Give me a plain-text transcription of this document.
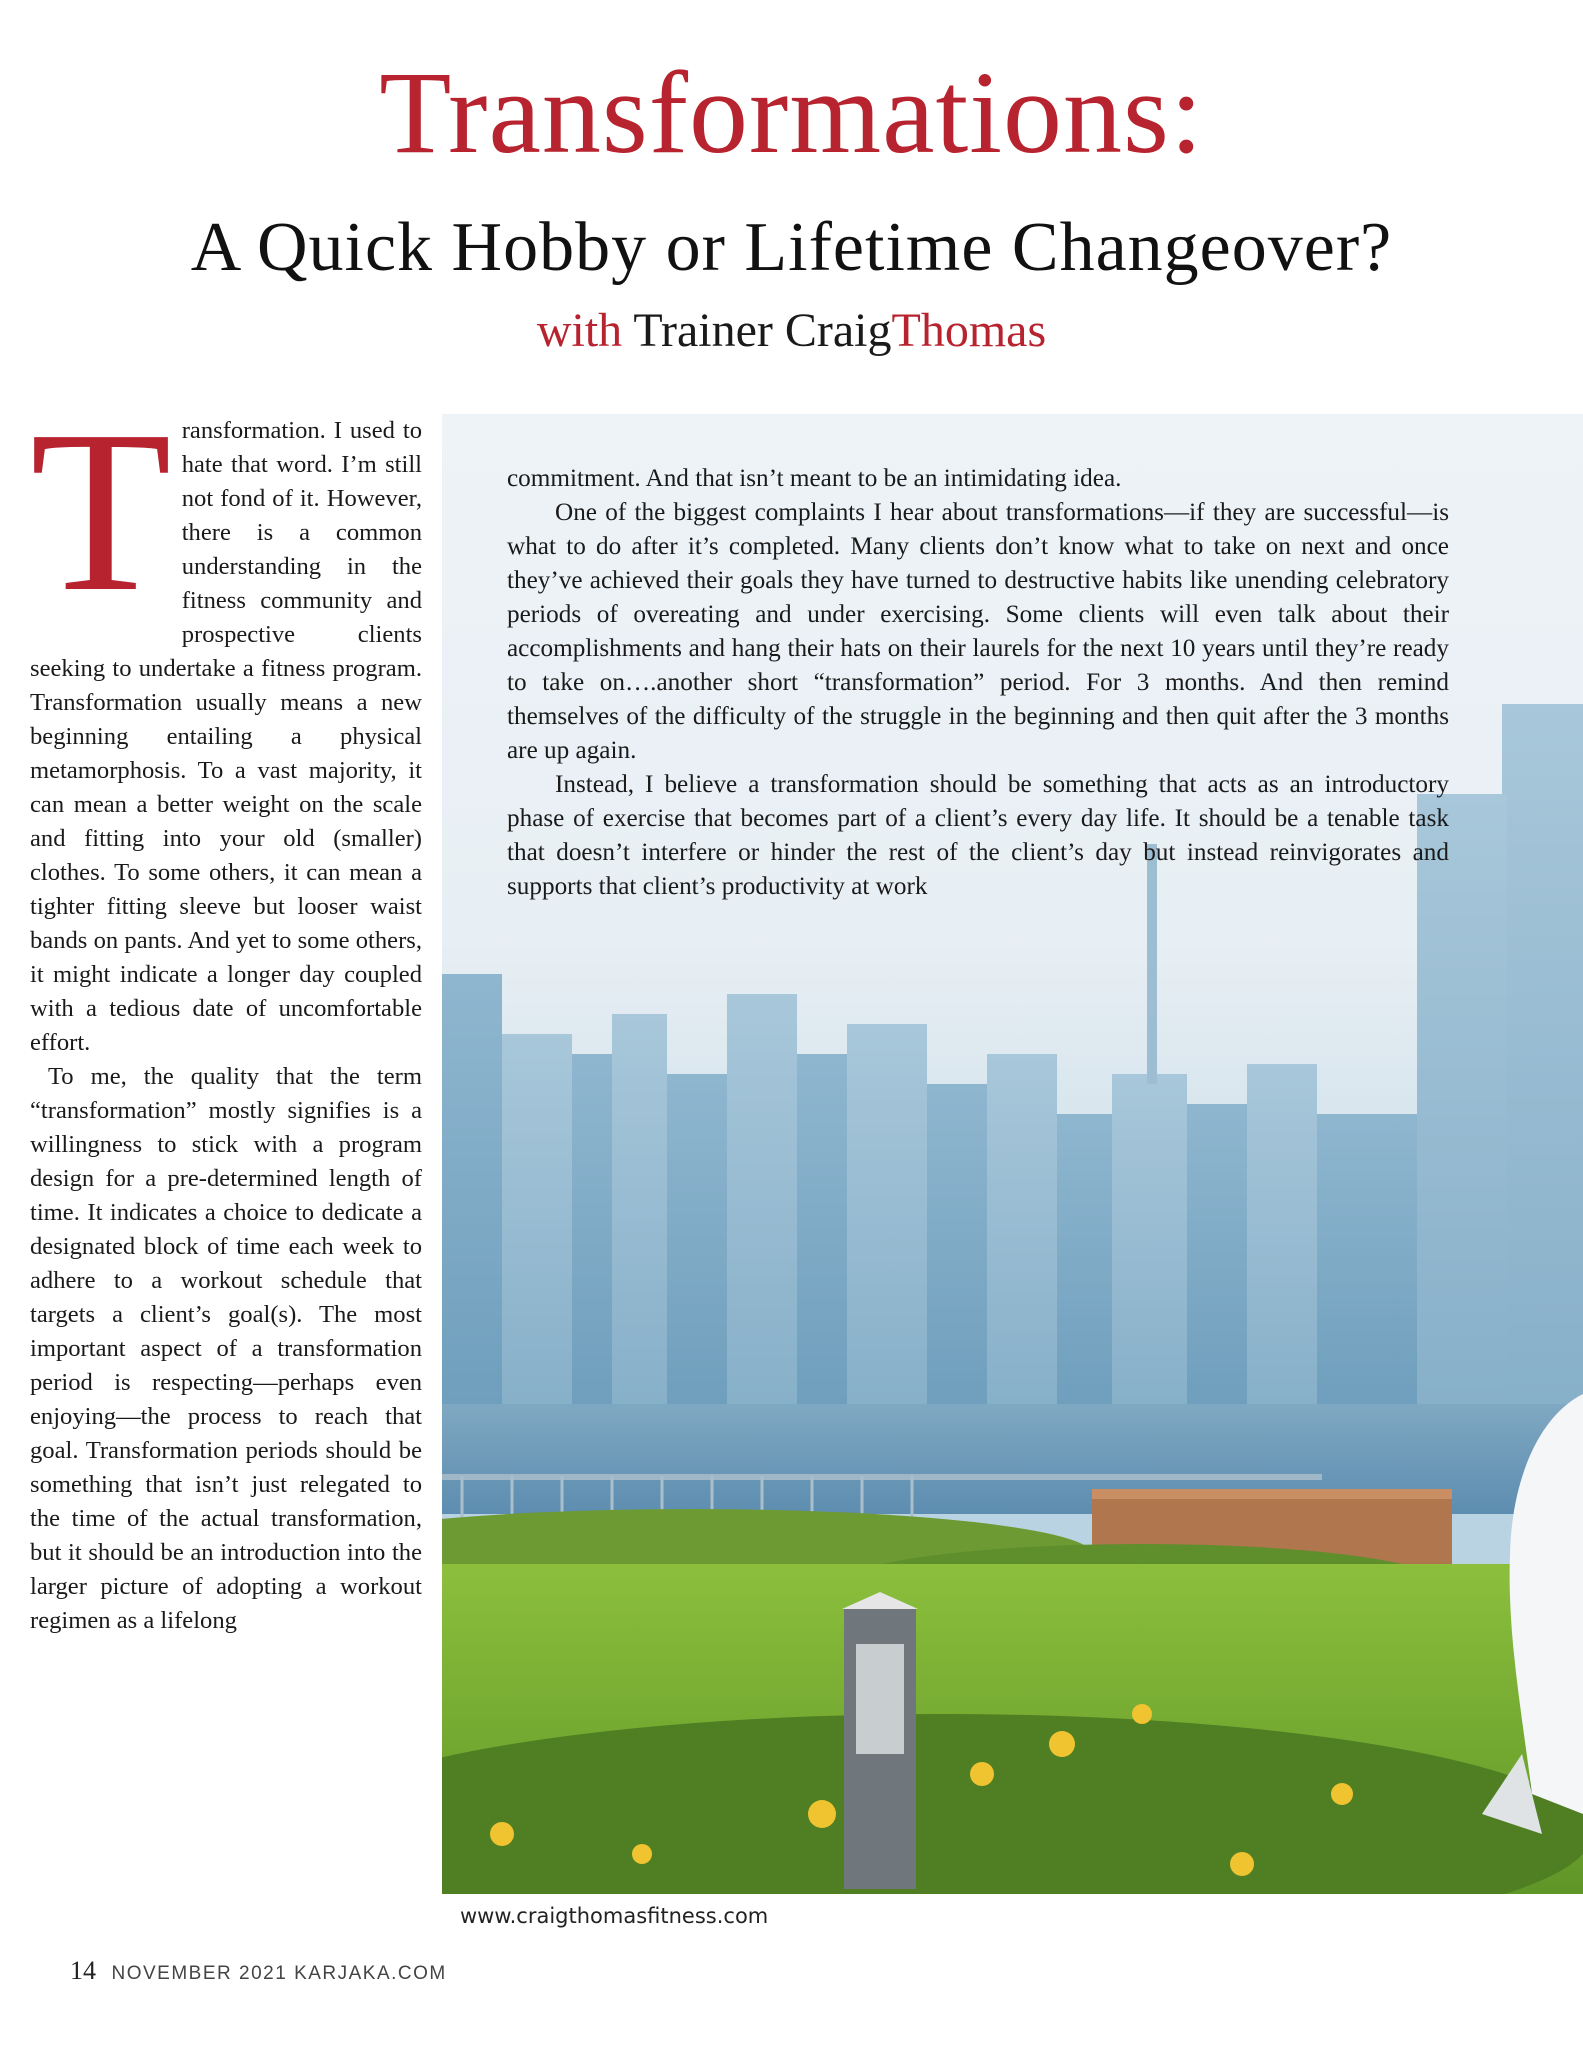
Transformations:
A Quick Hobby or Lifetime Changeover?
with Trainer CraigThomas
T ransformation. I used to hate that word. I’m still not fond of it. However, there is a common understanding in the fitness community and prospective clients seeking to undertake a fitness program. Transformation usually means a new beginning entailing a physical metamorphosis. To a vast majority, it can mean a better weight on the scale and fitting into your old (smaller) clothes. To some others, it can mean a tighter fitting sleeve but looser waist bands on pants. And yet to some others, it might indicate a longer day coupled with a tedious date of uncomfortable effort.

To me, the quality that the term “transformation” mostly signifies is a willingness to stick with a program design for a pre-determined length of time. It indicates a choice to dedicate a designated block of time each week to adhere to a workout schedule that targets a client’s goal(s). The most important aspect of a transformation period is respecting—perhaps even enjoying—the process to reach that goal. Transformation periods should be something that isn’t just relegated to the time of the actual transformation, but it should be an introduction into the larger picture of adopting a workout regimen as a lifelong

commitment. And that isn’t meant to be an intimidating idea.

One of the biggest complaints I hear about transformations—if they are successful—is what to do after it’s completed. Many clients don’t know what to take on next and once they’ve achieved their goals they have turned to destructive habits like unending celebratory periods of overeating and under exercising. Some clients will even talk about their accomplishments and hang their hats on their laurels for the next 10 years until they’re ready to take on….another short “transformation” period. For 3 months. And then remind themselves of the difficulty of the struggle in the beginning and then quit after the 3 months are up again.

Instead, I believe a transformation should be something that acts as an introductory phase of exercise that becomes part of a client’s every day life. It should be a tenable task that doesn’t interfere or hinder the rest of the client’s day but instead reinvigorates and supports that client’s productivity at work

www.craigthomasfitness.com

14 NOVEMBER 2021 KARJAKA.COM
